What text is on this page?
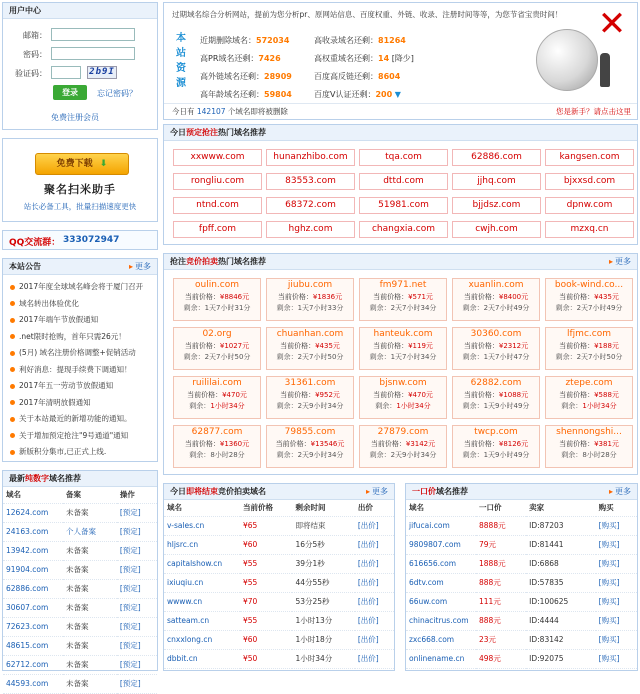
用户中心
邮箱：
密码：
验证码：	2b9I
登录	忘记密码？
免费注册会员
免费下载 ⬇
聚名扫米助手
站长必备工具，批量扫描速度更快
QQ交流群： 333072947
本站公告	▸ 更多
2017年度全球域名峰会将于厦门召开
域名转出体验优化
2017年端午节放假通知
.net限时抢购，首年只需26元！
(5月) 域名注册价格调整+促销活动
利好消息：提现手续费下调通知！
2017年五一劳动节放假通知
2017年清明放假通知
关于本站最近的新增功能的通知。
关于增加预定抢注"9号通道"通知
新版积分集市,已正式上线.
最新纯数字域名推荐
域名	备案	操作
12624.com	未备案	[预定]
24163.com	个人备案	[预定]
13942.com	未备案	[预定]
91904.com	未备案	[预定]
62886.com	未备案	[预定]
30607.com	未备案	[预定]
72623.com	未备案	[预定]
48615.com	未备案	[预定]
62712.com	未备案	[预定]
44593.com	未备案	[预定]
过期域名综合分析网站，提前为您分析pr、原网站信息、百度权重、外链、收录、注册时间等等，为您节省宝贵时间！	✕
本
站
资
源
近期删除域名：572034
高PR域名还剩：7426
高外链域名还剩：28909
高年龄域名还剩：59804
高收录域名还剩：81264
高权重域名还剩：14 [降少]
百度高反链还剩：8604
百度V认证还剩：200 ▼
今日有 142107 个域名即将被删除	您是新手？请点击这里
今日预定抢注热门域名推荐
xxwww.com	hunanzhibo.com	tqa.com	62886.com	kangsen.com
rongliu.com	83553.com	dttd.com	jjhq.com	bjxxsd.com
ntnd.com	68372.com	51981.com	bjjdsz.com	dpnw.com
fpff.com	hghz.com	changxia.com	cwjh.com	mzxq.cn
抢注竞价拍卖热门域名推荐	▸ 更多
oulin.com
当前价格：¥8846元
剩余：1天7小时31分
jiubu.com
当前价格：¥1836元
剩余：1天7小时33分
fm971.net
当前价格：¥571元
剩余：2天7小时34分
xuanlin.com
当前价格：¥8400元
剩余：2天7小时49分
book-wind.co...
当前价格：¥435元
剩余：2天7小时49分
02.org
当前价格：¥1027元
剩余：2天7小时50分
chuanhan.com
当前价格：¥435元
剩余：2天7小时50分
hanteuk.com
当前价格：¥119元
剩余：1天7小时34分
30360.com
当前价格：¥2312元
剩余：1天7小时47分
lfjmc.com
当前价格：¥188元
剩余：2天7小时50分
ruililai.com
当前价格：¥470元
剩余：1小时34分
31361.com
当前价格：¥952元
剩余：2天9小时34分
bjsnw.com
当前价格：¥470元
剩余：1小时34分
62882.com
当前价格：¥1088元
剩余：1天9小时49分
ztepe.com
当前价格：¥588元
剩余：1小时34分
62877.com
当前价格：¥1360元
剩余：8小时28分
79855.com
当前价格：¥13546元
剩余：2天9小时34分
27879.com
当前价格：¥3142元
剩余：2天9小时34分
twcp.com
当前价格：¥8126元
剩余：1天9小时49分
shennongshi...
当前价格：¥381元
剩余：8小时28分
今日即将结束竞价拍卖域名	▸ 更多
域名	当前价格	剩余时间	出价
v-sales.cn	¥65	即将结束	[出价]
hljsrc.cn	¥60	16分5秒	[出价]
capitalshow.cn	¥55	39分1秒	[出价]
ixiuqiu.cn	¥55	44分55秒	[出价]
wwww.cn	¥70	53分25秒	[出价]
satteam.cn	¥55	1小时13分	[出价]
cnxxlong.cn	¥60	1小时18分	[出价]
dbbit.cn	¥50	1小时34分	[出价]
一口价域名推荐	▸ 更多
域名	一口价	卖家	购买
jifucai.com	8888元	ID:87203	[购买]
9809807.com	79元	ID:81441	[购买]
616656.com	1888元	ID:6868	[购买]
6dtv.com	888元	ID:57835	[购买]
66uw.com	111元	ID:100625	[购买]
chinacitrus.com	888元	ID:4444	[购买]
zxc668.com	23元	ID:83142	[购买]
onlinename.cn	498元	ID:92075	[购买]
